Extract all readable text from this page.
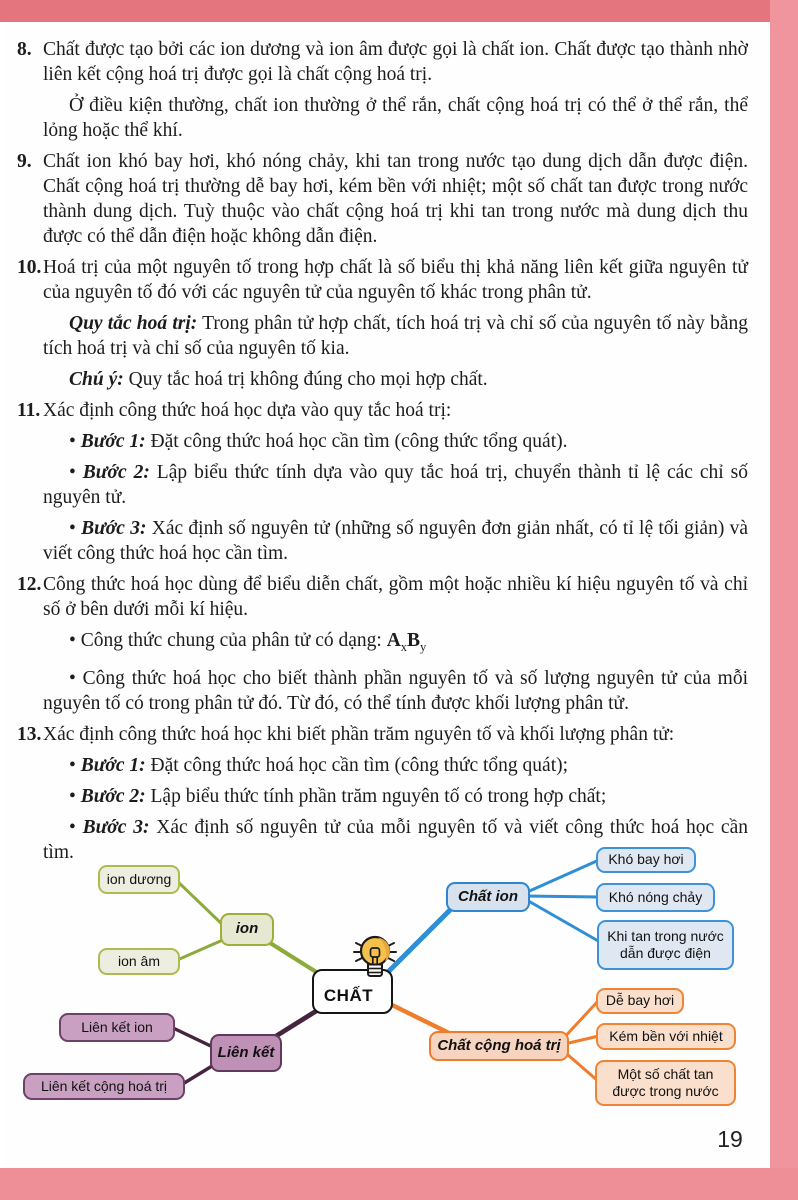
8. Chất được tạo bởi các ion dương và ion âm được gọi là chất ion. Chất được tạo thành nhờ liên kết cộng hoá trị được gọi là chất cộng hoá trị.

Ở điều kiện thường, chất ion thường ở thể rắn, chất cộng hoá trị có thể ở thể rắn, thể lỏng hoặc thể khí.

9. Chất ion khó bay hơi, khó nóng chảy, khi tan trong nước tạo dung dịch dẫn được điện. Chất cộng hoá trị thường dễ bay hơi, kém bền với nhiệt; một số chất tan được trong nước thành dung dịch. Tuỳ thuộc vào chất cộng hoá trị khi tan trong nước mà dung dịch thu được có thể dẫn điện hoặc không dẫn điện.

10. Hoá trị của một nguyên tố trong hợp chất là số biểu thị khả năng liên kết giữa nguyên tử của nguyên tố đó với các nguyên tử của nguyên tố khác trong phân tử.

Quy tắc hoá trị: Trong phân tử hợp chất, tích hoá trị và chỉ số của nguyên tố này bằng tích hoá trị và chỉ số của nguyên tố kia.

Chú ý: Quy tắc hoá trị không đúng cho mọi hợp chất.

11. Xác định công thức hoá học dựa vào quy tắc hoá trị:

• Bước 1: Đặt công thức hoá học cần tìm (công thức tổng quát).

• Bước 2: Lập biểu thức tính dựa vào quy tắc hoá trị, chuyển thành tỉ lệ các chỉ số nguyên tử.

• Bước 3: Xác định số nguyên tử (những số nguyên đơn giản nhất, có tỉ lệ tối giản) và viết công thức hoá học cần tìm.

12. Công thức hoá học dùng để biểu diễn chất, gồm một hoặc nhiều kí hiệu nguyên tố và chỉ số ở bên dưới mỗi kí hiệu.

• Công thức chung của phân tử có dạng: $A_xB_y$

• Công thức hoá học cho biết thành phần nguyên tố và số lượng nguyên tử của mỗi nguyên tố có trong phân tử đó. Từ đó, có thể tính được khối lượng phân tử.

13. Xác định công thức hoá học khi biết phần trăm nguyên tố và khối lượng phân tử:

• Bước 1: Đặt công thức hoá học cần tìm (công thức tổng quát);

• Bước 2: Lập biểu thức tính phần trăm nguyên tố có trong hợp chất;

• Bước 3: Xác định số nguyên tử của mỗi nguyên tố và viết công thức hoá học cần tìm.

ion dương
ion
ion âm
Liên kết ion
Liên kết
Liên kết cộng hoá trị
CHẤT
Chất ion
Khó bay hơi
Khó nóng chảy
Khi tan trong nước dẫn được điện
Chất cộng hoá trị
Dễ bay hơi
Kém bền với nhiệt
Một số chất tan được trong nước
19
